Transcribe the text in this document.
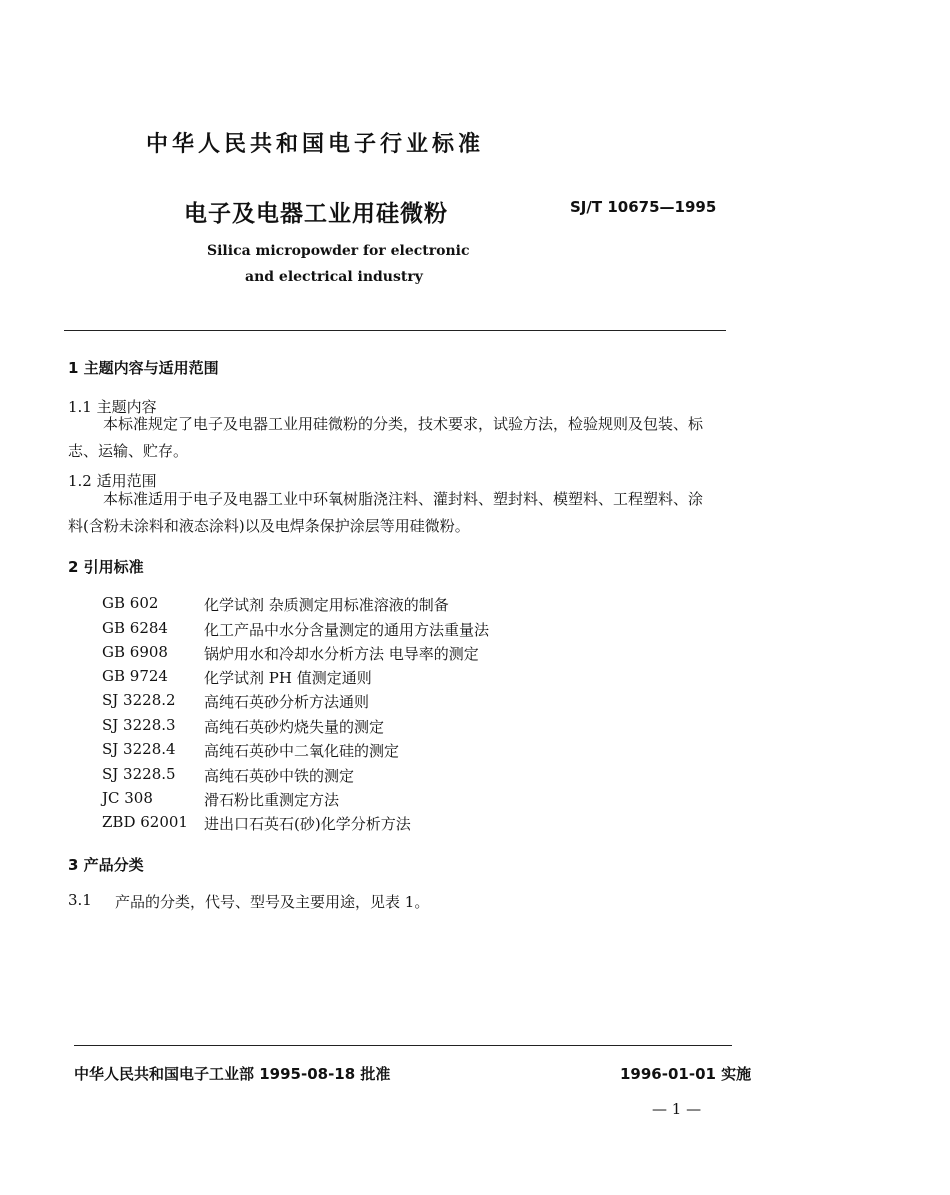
中华人民共和国电子行业标准
电子及电器工业用硅微粉	SJ/T 10675—1995
Silica micropowder for electronic
and electrical industry
1 主题内容与适用范围
1.1 主题内容
本标准规定了电子及电器工业用硅微粉的分类，技术要求，试验方法，检验规则及包装、标
志、运输、贮存。
1.2 适用范围
本标准适用于电子及电器工业中环氧树脂浇注料、灌封料、塑封料、模塑料、工程塑料、涂
料(含粉未涂料和液态涂料)以及电焊条保护涂层等用硅微粉。
2 引用标准
GB 602	化学试剂 杂质测定用标准溶液的制备
GB 6284 化工产品中水分含量测定的通用方法重量法
GB 6908 锅炉用水和冷却水分析方法 电导率的测定
GB 9724 化学试剂 PH 值测定通则
SJ 3228.2 高纯石英砂分析方法通则
SJ 3228.3 高纯石英砂灼烧失量的测定
SJ 3228.4 高纯石英砂中二氧化硅的测定
SJ 3228.5 高纯石英砂中铁的测定
JC 308	滑石粉比重测定方法
ZBD 62001 进出口石英石(砂)化学分析方法
3 产品分类
3.1 产品的分类，代号、型号及主要用途，见表 1。
中华人民共和国电子工业部 1995-08-18 批准	1996-01-01 实施
— 1 —
